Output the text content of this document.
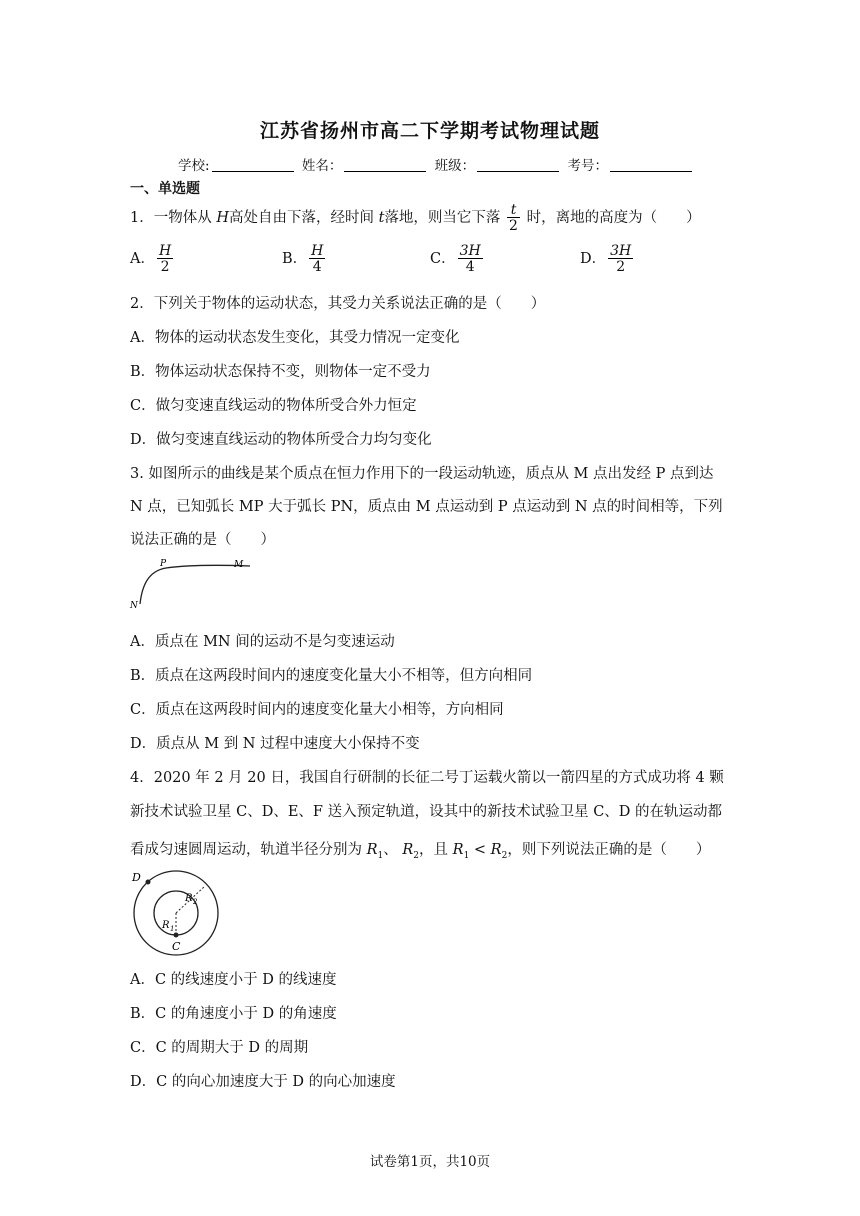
江苏省扬州市高二下学期考试物理试题
学校:	姓名：	班级：	考号：
一、单选题
1．一物体从 H高处自由下落，经时间 t落地，则当它下落 $\frac{t}{2}$ 时，离地的高度为（　　）
A． $\frac{H}{2}$	B． $\frac{H}{4}$	C． $\frac{3H}{4}$	D． $\frac{3H}{2}$
2．下列关于物体的运动状态，其受力关系说法正确的是（　　）
A．物体的运动状态发生变化，其受力情况一定变化
B．物体运动状态保持不变，则物体一定不受力
C．做匀变速直线运动的物体所受合外力恒定
D．做匀变速直线运动的物体所受合力均匀变化
3. 如图所示的曲线是某个质点在恒力作用下的一段运动轨迹，质点从 M 点出发经 P 点到达
N 点，已知弧长 MP 大于弧长 PN，质点由 M 点运动到 P 点运动到 N 点的时间相等，下列
说法正确的是（　　）
P	M
N
A．质点在 MN 间的运动不是匀变速运动
B．质点在这两段时间内的速度变化量大小不相等，但方向相同
C．质点在这两段时间内的速度变化量大小相等，方向相同
D．质点从 M 到 N 过程中速度大小保持不变
4．2020 年 2 月 20 日，我国自行研制的长征二号丁运载火箭以一箭四星的方式成功将 4 颗
新技术试验卫星 C、D、E、F 送入预定轨道，设其中的新技术试验卫星 C、D 的在轨运动都
看成匀速圆周运动，轨道半径分别为 $R_1$、 $R_2$，且 $R_1 < R_2$，则下列说法正确的是（　　）
D
C
R 2
R 1
A．C 的线速度小于 D 的线速度
B．C 的角速度小于 D 的角速度
C．C 的周期大于 D 的周期
D．C 的向心加速度大于 D 的向心加速度
试卷第1页，共10页
